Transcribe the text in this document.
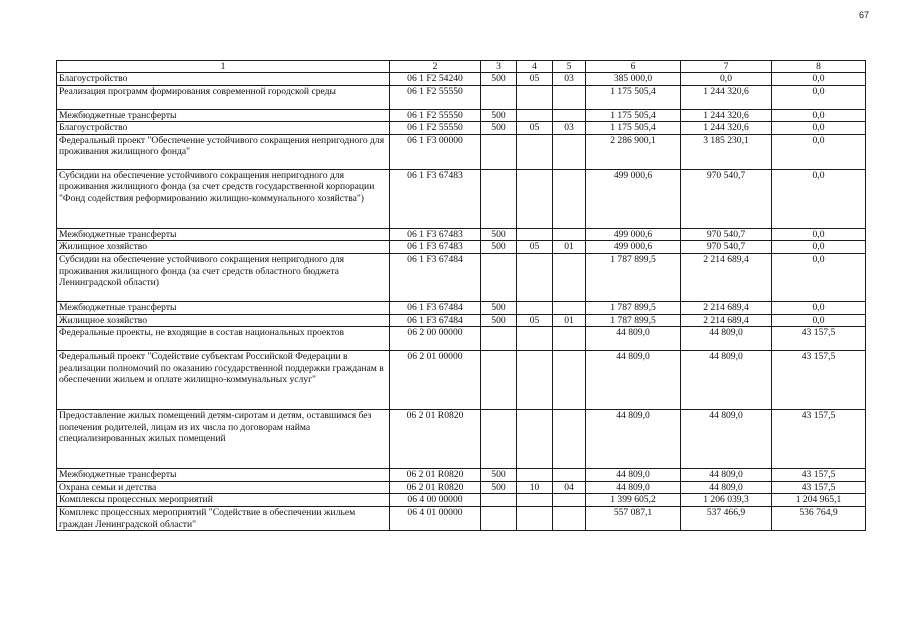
67
1	2	3	4	5	6	7	8
Благоустройство	06 1 F2 54240	500	05	03	385 000,0	0,0	0,0
Реализация программ формирования современной городской среды	06 1 F2 55550				1 175 505,4	1 244 320,6	0,0
Межбюджетные трансферты	06 1 F2 55550	500			1 175 505,4	1 244 320,6	0,0
Благоустройство	06 1 F2 55550	500	05	03	1 175 505,4	1 244 320,6	0,0
Федеральный проект "Обеспечение устойчивого сокращения непригодного для проживания жилищного фонда"	06 1 F3 00000				2 286 900,1	3 185 230,1	0,0
Субсидии на обеспечение устойчивого сокращения непригодного для проживания жилищного фонда (за счет средств государственной корпорации "Фонд содействия реформированию жилищно-коммунального хозяйства")	06 1 F3 67483				499 000,6	970 540,7	0,0
Межбюджетные трансферты	06 1 F3 67483	500			499 000,6	970 540,7	0,0
Жилищное хозяйство	06 1 F3 67483	500	05	01	499 000,6	970 540,7	0,0
Субсидии на обеспечение устойчивого сокращения непригодного для проживания жилищного фонда (за счет средств областного бюджета Ленинградской области)	06 1 F3 67484				1 787 899,5	2 214 689,4	0,0
Межбюджетные трансферты	06 1 F3 67484	500			1 787 899,5	2 214 689,4	0,0
Жилищное хозяйство	06 1 F3 67484	500	05	01	1 787 899,5	2 214 689,4	0,0
Федеральные проекты, не входящие в состав национальных проектов	06 2 00 00000				44 809,0	44 809,0	43 157,5
Федеральный проект "Содействие субъектам Российской Федерации в реализации полномочий по оказанию государственной поддержки гражданам в обеспечении жильем и оплате жилищно-коммунальных услуг"	06 2 01 00000				44 809,0	44 809,0	43 157,5
Предоставление жилых помещений детям-сиротам и детям, оставшимся без попечения родителей, лицам из их числа по договорам найма специализированных жилых помещений	06 2 01 R0820				44 809,0	44 809,0	43 157,5
Межбюджетные трансферты	06 2 01 R0820	500			44 809,0	44 809,0	43 157,5
Охрана семьи и детства	06 2 01 R0820	500	10	04	44 809,0	44 809,0	43 157,5
Комплексы процессных мероприятий	06 4 00 00000				1 399 605,2	1 206 039,3	1 204 965,1
Комплекс процессных мероприятий "Содействие в обеспечении жильем граждан Ленинградской области"	06 4 01 00000				557 087,1	537 466,9	536 764,9
